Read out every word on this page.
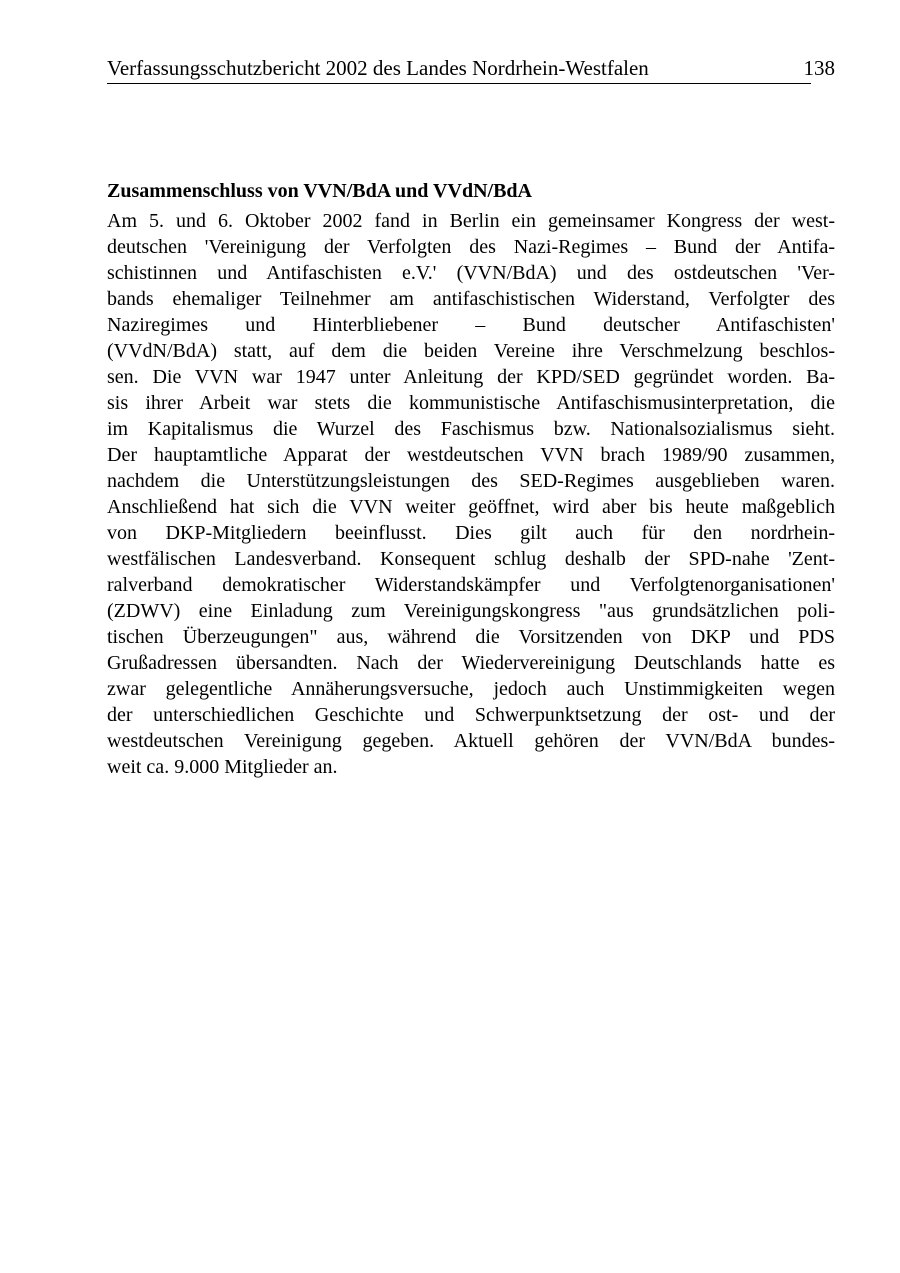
Verfassungsschutzbericht 2002 des Landes Nordrhein-Westfalen	138
Zusammenschluss von VVN/BdA und VVdN/BdA
Am 5. und 6. Oktober 2002 fand in Berlin ein gemeinsamer Kongress der west-
deutschen 'Vereinigung der Verfolgten des Nazi-Regimes – Bund der Antifa-
schistinnen und Antifaschisten e.V.' (VVN/BdA) und des ostdeutschen 'Ver-
bands ehemaliger Teilnehmer am antifaschistischen Widerstand, Verfolgter des
Naziregimes und Hinterbliebener – Bund deutscher Antifaschisten'
(VVdN/BdA) statt, auf dem die beiden Vereine ihre Verschmelzung beschlos-
sen. Die VVN war 1947 unter Anleitung der KPD/SED gegründet worden. Ba-
sis ihrer Arbeit war stets die kommunistische Antifaschismusinterpretation, die
im Kapitalismus die Wurzel des Faschismus bzw. Nationalsozialismus sieht.
Der hauptamtliche Apparat der westdeutschen VVN brach 1989/90 zusammen,
nachdem die Unterstützungsleistungen des SED-Regimes ausgeblieben waren.
Anschließend hat sich die VVN weiter geöffnet, wird aber bis heute maßgeblich
von DKP-Mitgliedern beeinflusst. Dies gilt auch für den nordrhein-
westfälischen Landesverband. Konsequent schlug deshalb der SPD-nahe 'Zent-
ralverband demokratischer Widerstandskämpfer und Verfolgtenorganisationen'
(ZDWV) eine Einladung zum Vereinigungskongress "aus grundsätzlichen poli-
tischen Überzeugungen" aus, während die Vorsitzenden von DKP und PDS
Grußadressen übersandten. Nach der Wiedervereinigung Deutschlands hatte es
zwar gelegentliche Annäherungsversuche, jedoch auch Unstimmigkeiten wegen
der unterschiedlichen Geschichte und Schwerpunktsetzung der ost- und der
westdeutschen Vereinigung gegeben. Aktuell gehören der VVN/BdA bundes-
weit ca. 9.000 Mitglieder an.
